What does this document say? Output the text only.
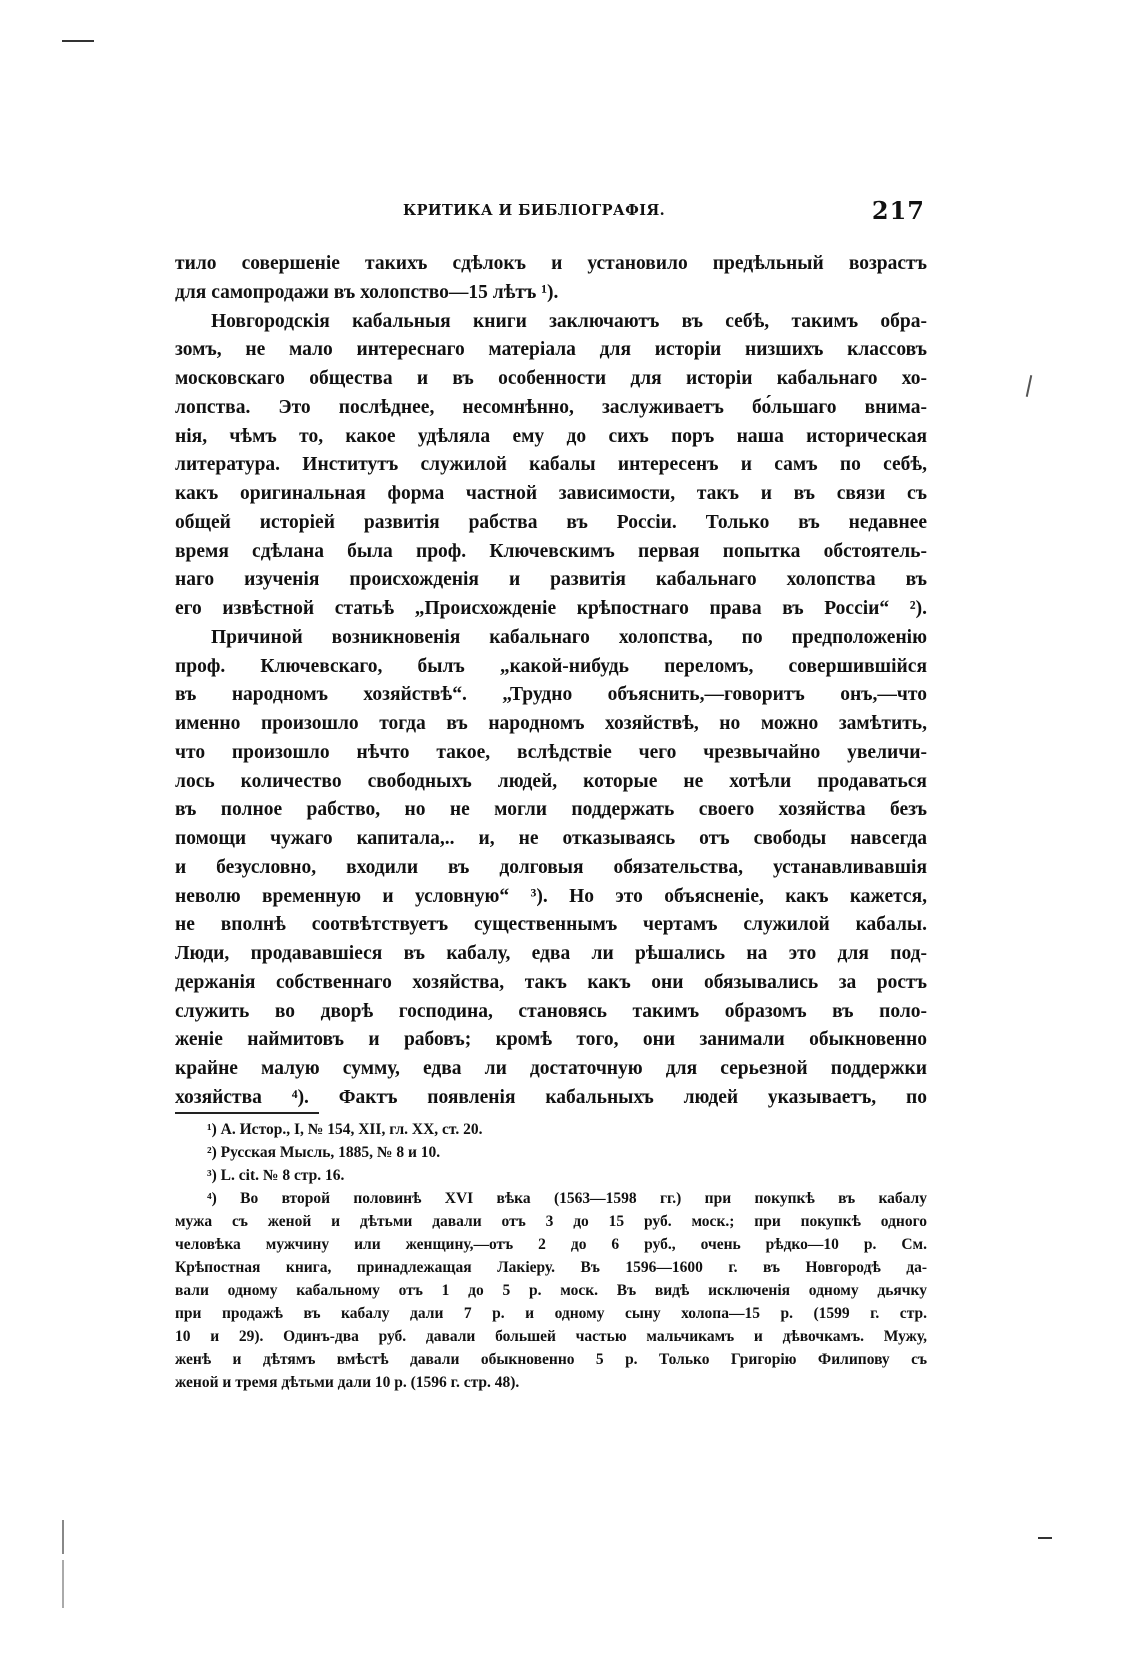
КРИТИКА И БИБЛІОГРАФІЯ.	217
тило совершеніе такихъ сдѣлокъ и установило предѣльный возрастъ
для самопродажи въ холопство—15 лѣтъ ¹).
Новгородскія кабальныя книги заключаютъ въ себѣ, такимъ обра-
зомъ, не мало интереснаго матеріала для исторіи низшихъ классовъ
московскаго общества и въ особенности для исторіи кабальнаго хо-
лопства. Это послѣднее, несомнѣнно, заслуживаетъ бо́льшаго внима-
нія, чѣмъ то, какое удѣляла ему до сихъ поръ наша историческая
литература. Институтъ служилой кабалы интересенъ и самъ по себѣ,
какъ оригинальная форма частной зависимости, такъ и въ связи съ
общей исторіей развитія рабства въ Россіи. Только въ недавнее
время сдѣлана была проф. Ключевскимъ первая попытка обстоятель-
наго изученія происхожденія и развитія кабальнаго холопства въ
его извѣстной статьѣ „Происхожденіе крѣпостнаго права въ Россіи“ ²).
Причиной возникновенія кабальнаго холопства, по предположенію
проф. Ключевскаго, былъ „какой-нибудь переломъ, совершившійся
въ народномъ хозяйствѣ“. „Трудно объяснить,—говоритъ онъ,—что
именно произошло тогда въ народномъ хозяйствѣ, но можно замѣтить,
что произошло нѣчто такое, вслѣдствіе чего чрезвычайно увеличи-
лось количество свободныхъ людей, которые не хотѣли продаваться
въ полное рабство, но не могли поддержать своего хозяйства безъ
помощи чужаго капитала,.. и, не отказываясь отъ свободы навсегда
и безусловно, входили въ долговыя обязательства, устанавливавшія
неволю временную и условную“ ³). Но это объясненіе, какъ кажется,
не вполнѣ соотвѣтствуетъ существеннымъ чертамъ служилой кабалы.
Люди, продававшіеся въ кабалу, едва ли рѣшались на это для под-
держанія собственнаго хозяйства, такъ какъ они обязывались за ростъ
служить во дворѣ господина, становясь такимъ образомъ въ поло-
женіе наймитовъ и рабовъ; кромѣ того, они занимали обыкновенно
крайне малую сумму, едва ли достаточную для серьезной поддержки
хозяйства ⁴). Фактъ появленія кабальныхъ людей указываетъ, по
¹) А. Истор., I, № 154, XII, гл. XX, ст. 20.
²) Русская Мысль, 1885, № 8 и 10.
³) L. cit. № 8 стр. 16.
⁴) Во второй половинѣ XVI вѣка (1563—1598 гг.) при покупкѣ въ кабалу
мужа съ женой и дѣтьми давали отъ 3 до 15 руб. моск.; при покупкѣ одного
человѣка мужчину или женщину,—отъ 2 до 6 руб., очень рѣдко—10 р. См.
Крѣпостная книга, принадлежащая Лакіеру. Въ 1596—1600 г. въ Новгородѣ да-
вали одному кабальному отъ 1 до 5 р. моск. Въ видѣ исключенія одному дьячку
при продажѣ въ кабалу дали 7 р. и одному сыну холопа—15 р. (1599 г. стр.
10 и 29). Одинъ-два руб. давали большей частью мальчикамъ и дѣвочкамъ. Мужу,
женѣ и дѣтямъ вмѣстѣ давали обыкновенно 5 р. Только Григорію Филипову съ
женой и тремя дѣтьми дали 10 р. (1596 г. стр. 48).
